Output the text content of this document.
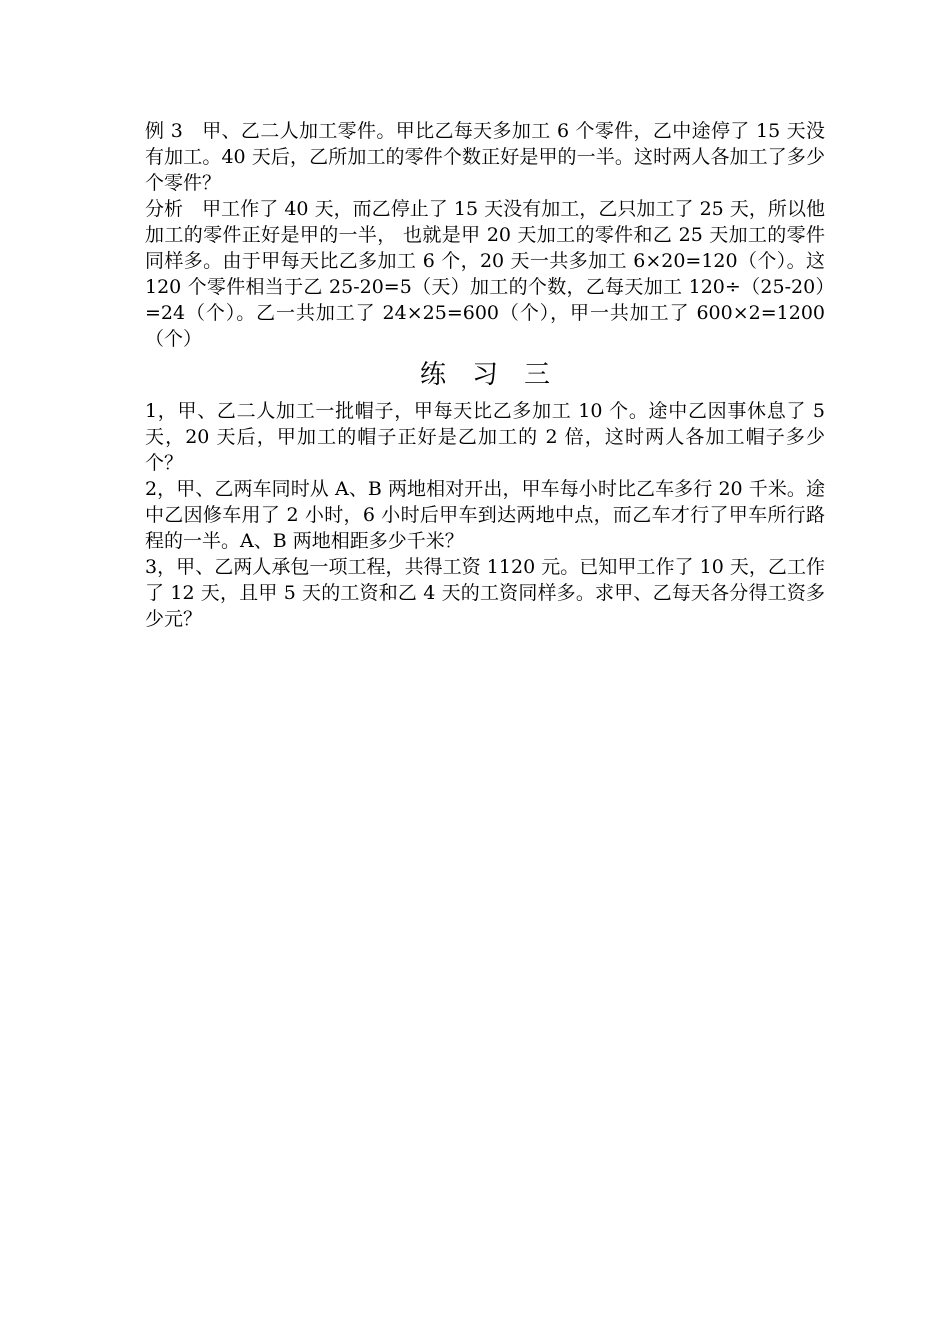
例 3 甲、乙二人加工零件。甲比乙每天多加工 6 个零件，乙中途停了 15 天没有加工。40 天后，乙所加工的零件个数正好是甲的一半。这时两人各加工了多少个零件？

分析 甲工作了 40 天，而乙停止了 15 天没有加工，乙只加工了 25 天，所以他加工的零件正好是甲的一半， 也就是甲 20 天加工的零件和乙 25 天加工的零件同样多。由于甲每天比乙多加工 6 个，20 天一共多加工 6×20=120（个）。这 120 个零件相当于乙 25-20=5（天）加工的个数，乙每天加工 120÷（25-20）=24（个）。乙一共加工了 24×25=600（个），甲一共加工了 600×2=1200（个）

练习三

1，甲、乙二人加工一批帽子，甲每天比乙多加工 10 个。途中乙因事休息了 5 天，20 天后，甲加工的帽子正好是乙加工的 2 倍，这时两人各加工帽子多少个？

2，甲、乙两车同时从 A、B 两地相对开出，甲车每小时比乙车多行 20 千米。途中乙因修车用了 2 小时，6 小时后甲车到达两地中点，而乙车才行了甲车所行路程的一半。A、B 两地相距多少千米？

3，甲、乙两人承包一项工程，共得工资 1120 元。已知甲工作了 10 天，乙工作了 12 天，且甲 5 天的工资和乙 4 天的工资同样多。求甲、乙每天各分得工资多少元？
